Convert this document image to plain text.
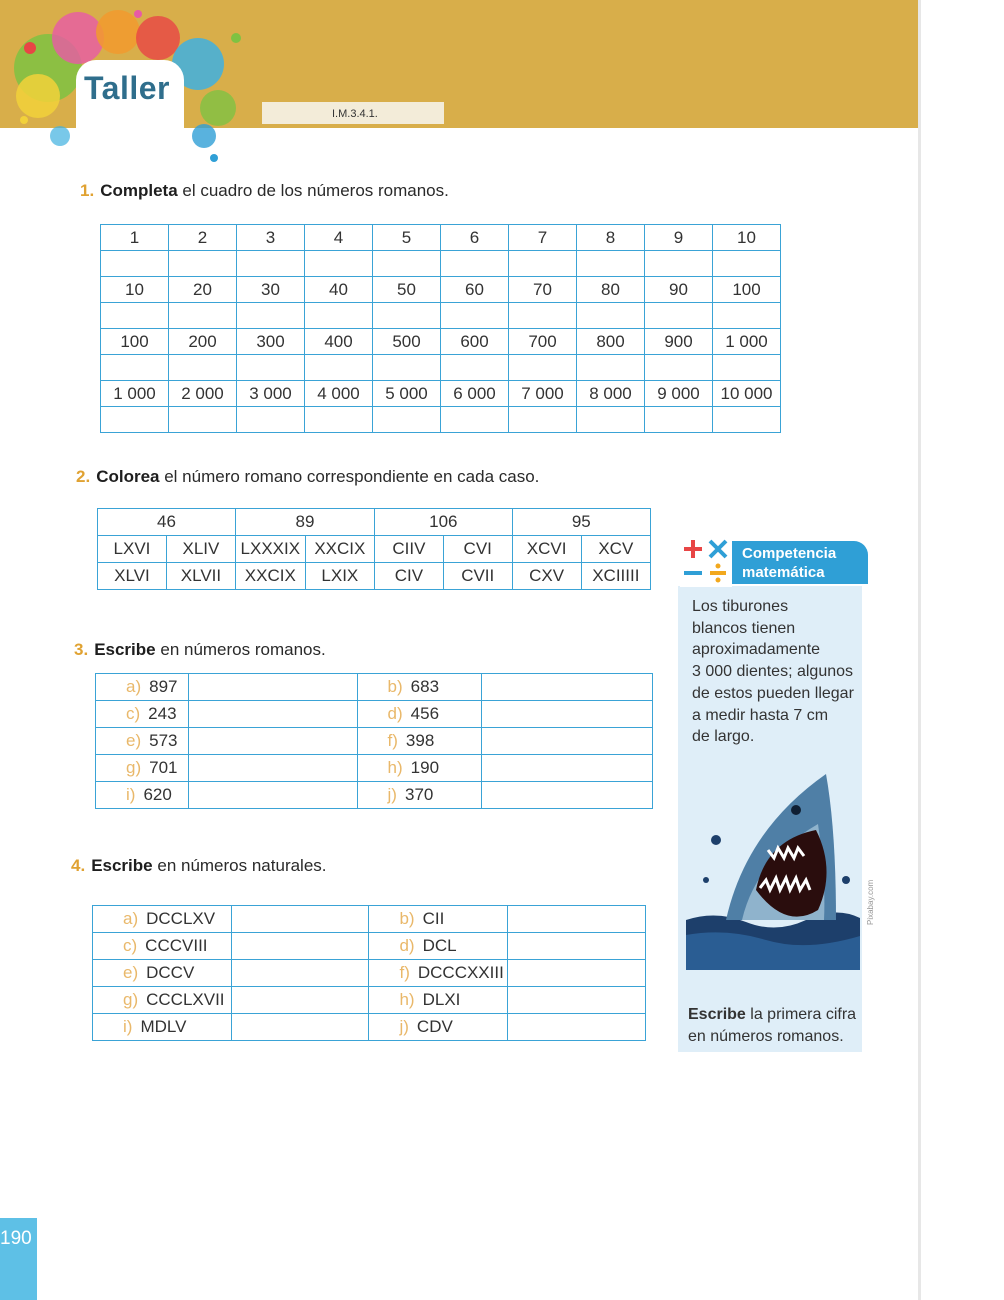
Taller
I.M.3.4.1.
1. Completa el cuadro de los números romanos.
1	2	3	4	5	6	7	8	9	10

10	20	30	40	50	60	70	80	90	100

100	200	300	400	500	600	700	800	900	1 000

1 000	2 000	3 000	4 000	5 000	6 000	7 000	8 000	9 000	10 000

2. Colorea el número romano correspondiente en cada caso.
46		89		106		95	
LXVI	XLIV	LXXXIX	XXCIX	CIIV	CVI	XCVI	XCV
XLVI	XLVII	XXCIX	LXIX	CIV	CVII	CXV	XCIIIII
3. Escribe en números romanos.
a) 897		b) 683	
c) 243		d) 456	
e) 573		f) 398	
g) 701		h) 190	
i) 620		j) 370	
4. Escribe en números naturales.
a) DCCLXV		b) CII	
c) CCCVIII		d) DCL	
e) DCCV		f) DCCCXXIII	
g) CCCLXVII		h) DLXI	
i) MDLV		j) CDV	
Competencia
matemática
Los tiburones
blancos tienen
aproximadamente
3 000 dientes; algunos
de estos pueden llegar
a medir hasta 7 cm
de largo.
Pixabay.com
Escribe la primera cifra
en números romanos.
190
